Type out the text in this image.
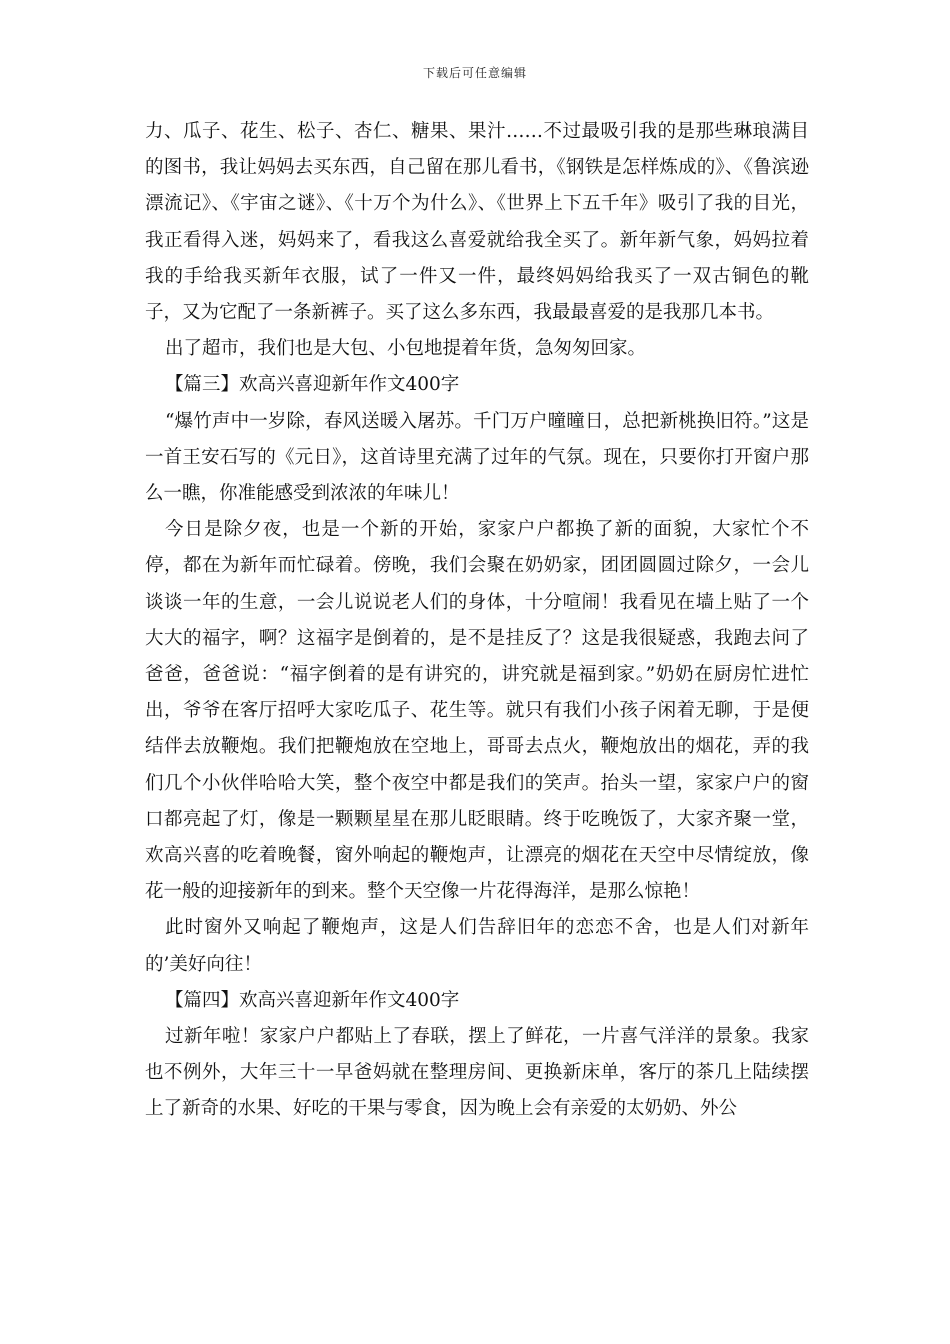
下载后可任意编辑

力、瓜子、花生、松子、杏仁、糖果、果汁……不过最吸引我的是那些琳琅满目的图书，我让妈妈去买东西，自己留在那儿看书，《钢铁是怎样炼成的》、《鲁滨逊漂流记》、《宇宙之谜》、《十万个为什么》、《世界上下五千年》吸引了我的目光，我正看得入迷，妈妈来了，看我这么喜爱就给我全买了。新年新气象，妈妈拉着我的手给我买新年衣服，试了一件又一件，最终妈妈给我买了一双古铜色的靴子，又为它配了一条新裤子。买了这么多东西，我最最喜爱的是我那几本书。

出了超市，我们也是大包、小包地提着年货，急匆匆回家。

【篇三】欢高兴喜迎新年作文400字

“爆竹声中一岁除，春风送暖入屠苏。千门万户曈曈日，总把新桃换旧符。”这是一首王安石写的《元日》，这首诗里充满了过年的气氛。现在，只要你打开窗户那么一瞧，你准能感受到浓浓的年味儿！

今日是除夕夜，也是一个新的开始，家家户户都换了新的面貌，大家忙个不停，都在为新年而忙碌着。傍晚，我们会聚在奶奶家，团团圆圆过除夕，一会儿谈谈一年的生意，一会儿说说老人们的身体，十分喧闹！我看见在墙上贴了一个大大的福字，啊？这福字是倒着的，是不是挂反了？这是我很疑惑，我跑去问了爸爸，爸爸说：“福字倒着的是有讲究的，讲究就是福到家。”奶奶在厨房忙进忙出，爷爷在客厅招呼大家吃瓜子、花生等。就只有我们小孩子闲着无聊，于是便结伴去放鞭炮。我们把鞭炮放在空地上，哥哥去点火，鞭炮放出的烟花，弄的我们几个小伙伴哈哈大笑，整个夜空中都是我们的笑声。抬头一望，家家户户的窗口都亮起了灯，像是一颗颗星星在那儿眨眼睛。终于吃晚饭了，大家齐聚一堂，欢高兴喜的吃着晚餐，窗外响起的鞭炮声，让漂亮的烟花在天空中尽情绽放，像花一般的迎接新年的到来。整个天空像一片花得海洋，是那么惊艳！

此时窗外又响起了鞭炮声，这是人们告辞旧年的恋恋不舍，也是人们对新年的’美好向往！

【篇四】欢高兴喜迎新年作文400字

过新年啦！家家户户都贴上了春联，摆上了鲜花，一片喜气洋洋的景象。我家也不例外，大年三十一早爸妈就在整理房间、更换新床单，客厅的茶几上陆续摆上了新奇的水果、好吃的干果与零食，因为晚上会有亲爱的太奶奶、外公
